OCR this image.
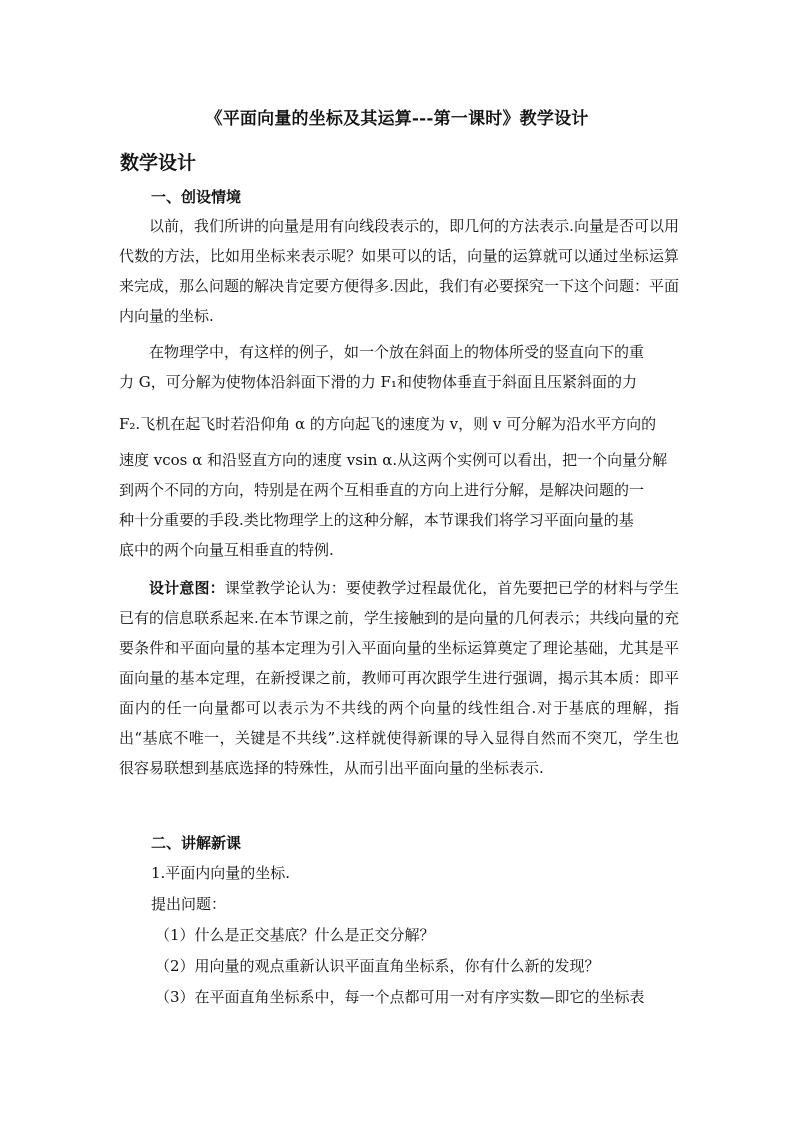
《平面向量的坐标及其运算---第一课时》教学设计
数学设计
一、创设情境
以前，我们所讲的向量是用有向线段表示的，即几何的方法表示.向量是否可以用代数的方法，比如用坐标来表示呢？如果可以的话，向量的运算就可以通过坐标运算来完成，那么问题的解决肯定要方便得多.因此，我们有必要探究一下这个问题：平面内向量的坐标.
在物理学中，有这样的例子，如一个放在斜面上的物体所受的竖直向下的重
力 G，可分解为使物体沿斜面下滑的力 F₁和使物体垂直于斜面且压紧斜面的力
F₂.飞机在起飞时若沿仰角 α 的方向起飞的速度为 v，则 v 可分解为沿水平方向的
速度 vcos α 和沿竖直方向的速度 vsin α.从这两个实例可以看出，把一个向量分解
到两个不同的方向，特别是在两个互相垂直的方向上进行分解，是解决问题的一
种十分重要的手段.类比物理学上的这种分解，本节课我们将学习平面向量的基
底中的两个向量互相垂直的特例.
设计意图：课堂教学论认为：要使教学过程最优化，首先要把已学的材料与学生已有的信息联系起来.在本节课之前，学生接触到的是向量的几何表示；共线向量的充要条件和平面向量的基本定理为引入平面向量的坐标运算奠定了理论基础，尤其是平面向量的基本定理，在新授课之前，教师可再次跟学生进行强调，揭示其本质：即平面内的任一向量都可以表示为不共线的两个向量的线性组合.对于基底的理解，指出“基底不唯一，关键是不共线”.这样就使得新课的导入显得自然而不突兀，学生也很容易联想到基底选择的特殊性，从而引出平面向量的坐标表示.
二、讲解新课
1.平面内向量的坐标.
提出问题：
（1）什么是正交基底？什么是正交分解？
（2）用向量的观点重新认识平面直角坐标系，你有什么新的发现？
（3）在平面直角坐标系中，每一个点都可用一对有序实数—即它的坐标表
